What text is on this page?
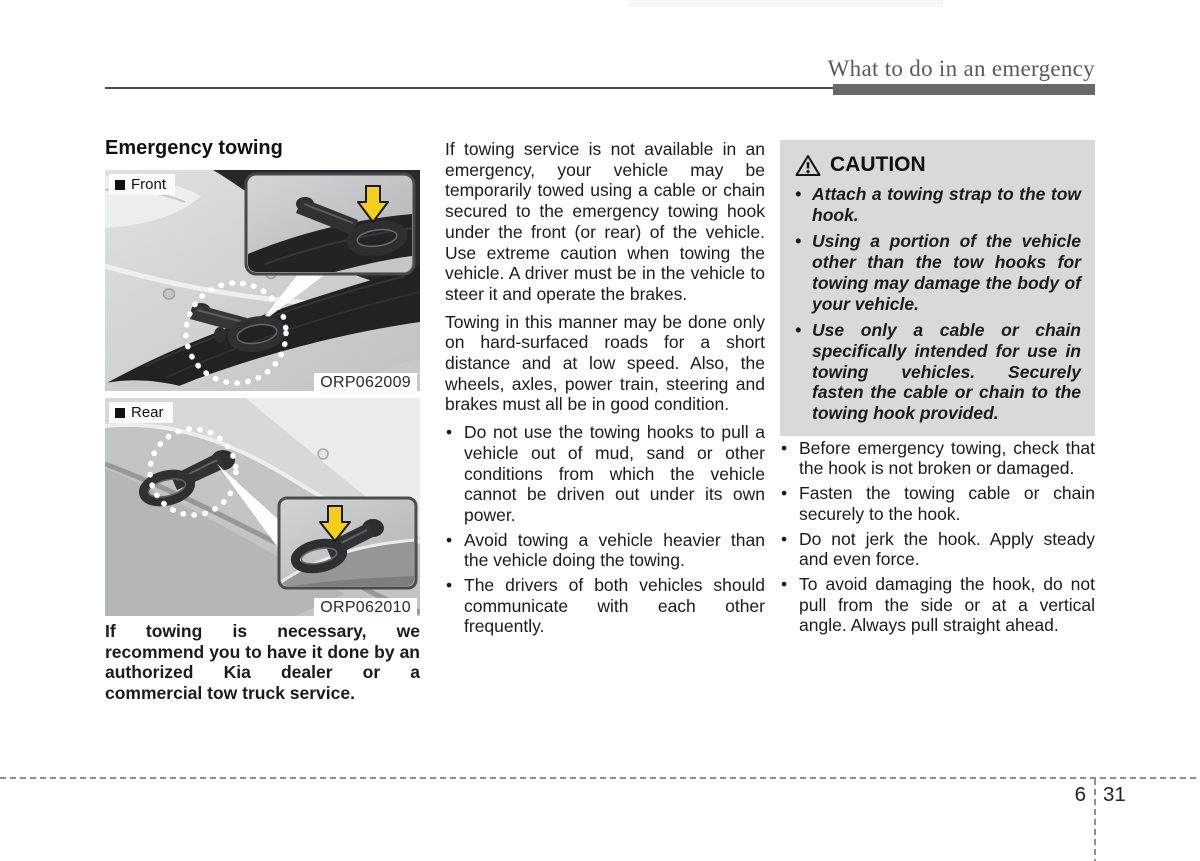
What to do in an emergency
Emergency towing
Front
ORP062009
Rear
ORP062010

If towing is necessary, we recommend you to have it done by an authorized Kia dealer or a commercial tow truck service.

If towing service is not available in an emergency, your vehicle may be temporarily towed using a cable or chain secured to the emergency towing hook under the front (or rear) of the vehicle. Use extreme caution when towing the vehicle. A driver must be in the vehicle to steer it and operate the brakes.

Towing in this manner may be done only on hard-surfaced roads for a short distance and at low speed. Also, the wheels, axles, power train, steering and brakes must all be in good condition.

• Do not use the towing hooks to pull a vehicle out of mud, sand or other conditions from which the vehicle cannot be driven out under its own power.
• Avoid towing a vehicle heavier than the vehicle doing the towing.
• The drivers of both vehicles should communicate with each other frequently.
CAUTION
• Attach a towing strap to the tow hook.
• Using a portion of the vehicle other than the tow hooks for towing may damage the body of your vehicle.
• Use only a cable or chain specifically intended for use in towing vehicles. Securely fasten the cable or chain to the towing hook provided.
• Before emergency towing, check that the hook is not broken or damaged.
• Fasten the towing cable or chain securely to the hook.
• Do not jerk the hook. Apply steady and even force.
• To avoid damaging the hook, do not pull from the side or at a vertical angle. Always pull straight ahead.
6 31
